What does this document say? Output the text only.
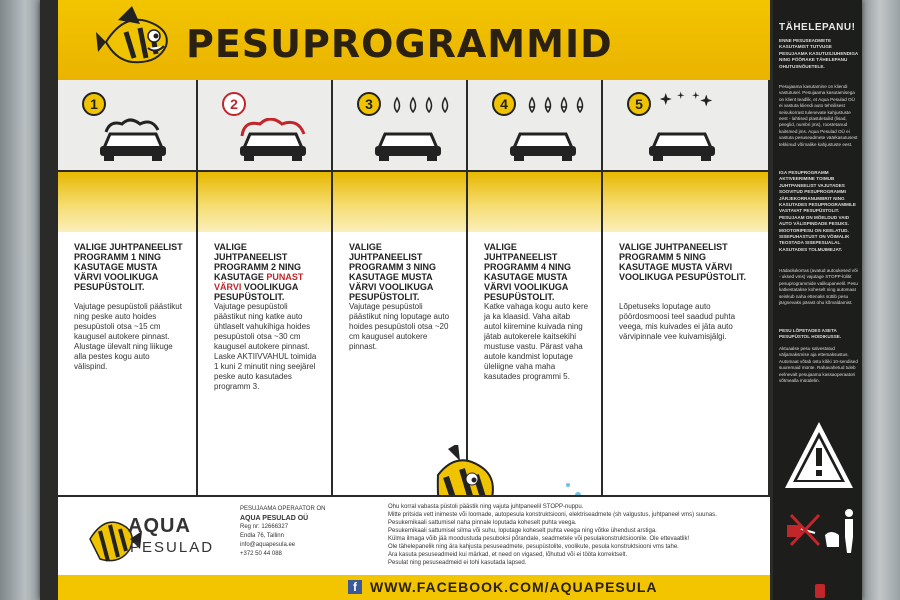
PESUPROGRAMMID
1
VALIGE JUHTPANEELIST PROGRAMM 1 NING KASUTAGE MUSTA VÄRVI VOOLIKUGA PESUPÜSTOLIT.
Vajutage pesupüstoli päästikut ning peske auto hoides pesupüstoli otsa ~15 cm kaugusel autokere pinnast. Alustage ülevalt ning liikuge alla pestes kogu auto välispind.
2
VALIGE JUHTPANEELIST PROGRAMM 2 NING KASUTAGE PUNAST VÄRVI VOOLIKUGA PESUPÜSTOLIT.
Vajutage pesupüstoli päästikut ning katke auto ühtlaselt vahukihiga hoides pesupüstoli otsa ~30 cm kaugusel autokere pinnast. Laske AKTIIVVAHUL toimida 1 kuni 2 minutit ning seejärel peske auto kasutades programm 3.
3
VALIGE JUHTPANEELIST PROGRAMM 3 NING KASUTAGE MUSTA VÄRVI VOOLIKUGA PESUPÜSTOLIT.
Vajutage pesupüstoli päästikut ning loputage auto hoides pesupüstoli otsa ~20 cm kaugusel autokere pinnast.
4
VALIGE JUHTPANEELIST PROGRAMM 4 NING KASUTAGE MUSTA VÄRVI VOOLIKUGA PESUPÜSTOLIT.
Katke vahaga kogu auto kere ja ka klaasid. Vaha aitab autol kiiremine kuivada ning jätab autokerele kaitsekihi mustuse vastu. Pärast vaha autole kandmist loputage üleliigne vaha maha kasutades programmi 5.
5
VALIGE JUHTPANEELIST PROGRAMM 5 NING KASUTAGE MUSTA VÄRVI VOOLIKUGA PESUPÜSTOLIT.
Lõpetuseks loputage auto pöördosmoosi teel saadud puhta veega, mis kuivades ei jäta auto värvipinnale vee kuivamisjälgi.
AQUA
PESULAD
PESUJAAMA OPERAATOR ON
AQUA PESULAD OÜ
Reg nr: 12666327
Endla 76, Tallinn
info@aquapesula.ee
+372 50 44 088
Ohu korral vabasta püstoli päästik ning vajuta juhtpaneelil STOPP-nuppu.
Mitte pritsida vett inimeste või loomade, autopesula konstruktsiooni, elektriseadmete (sh valgustus, juhtpaneel vms) suunas.
Pesukemikaali sattumisel naha pinnale loputada koheselt puhta veega.
Pesukemikaali sattumisel silma või suhu, loputage koheselt puhta veega ning võtke ühendust arstiga.
Külma ilmaga võib jää moodustuda pesuboksi põrandale, seadmetele või pesulakonstruktsioonile. Ole ettevaatlik!
Ole tähelepanelik ning ära kahjusta pesuseadmete, pesupüstolite, voolikute, pesula konstruktsiooni vms tahe.
Ära kasuta pesuseadmeid kui märkad, et need on vigased, lõhutud või ei tööta korrektselt.
Pesulat ning pesuseadmeid ei tohi kasutada lapsed.
f WWW.FACEBOOK.COM/AQUAPESULA
TÄHELEPANU!
ENNE PESUSEADMETE KASUTAMIST TUTVUGE PESUJAAMA KASUTUSJUHENDIGA NING PÖÖRAKE TÄHELEPANU OHUTUSNÕUETELE.
Pesujaama kasutamine on kliendi vastutusel. Pesujaama kasutamisega on klient teadlik, et Aqua Pesulad OÜ ei vastuta kliendi auto tehnilisest seisukorrast tulenevate kahjustuste eest - lahtised plastdetailid (lisad, peeglid, numbri jms), roostetanud kaitsmed jms. Aqua Pesulad OÜ ei vastuta pesuseadmete väärkasutusest tekkinud võimalike kahjustuste eest.
IGA PESUPROGRAMM AKTIVEERIMINE TOIMUB JUHTPANEELIST VAJUTADES SOOVITUD PESUPROGRAMMI JÄRJEKORRANUMBRIT NING KASUTADES PESUPROGRAMMILE VASTAVAT PESUPÜSTOLIT. PESUJAAM ON MÕELDUD VAID AUTO VÄLISPINDADE PESUKS. MOOTORIPESU ON KEELATUD. SISEPUHASTUST ON VÕIMALIK TEOSTADA SISEPESUALAL KASUTADES TOLMUIMEJAT.
Hädaolukorras (avatud autoukesed või - uksed vms) vajutage STOPP-lülitit pesuprogrammide valikupaneelil. Pesu katkestatakse koheselt ning automaat seiskub naha ettenaks süttib pesu järgnevaks pärast ohu kõrvaldamist.
PESU LÕPETADES ASETA PESUPÜSTOL HOIDIKUSSE.
Aktuaalse pesu salvestatud väljamaksmise aja ettemaksustus. Automaat võtab ostu kõiki 10-sendised suuremaid münte. Rahavahetud tuleb eelnevalt pesujaama kassaoperaatori võtmealla müüdelin.
